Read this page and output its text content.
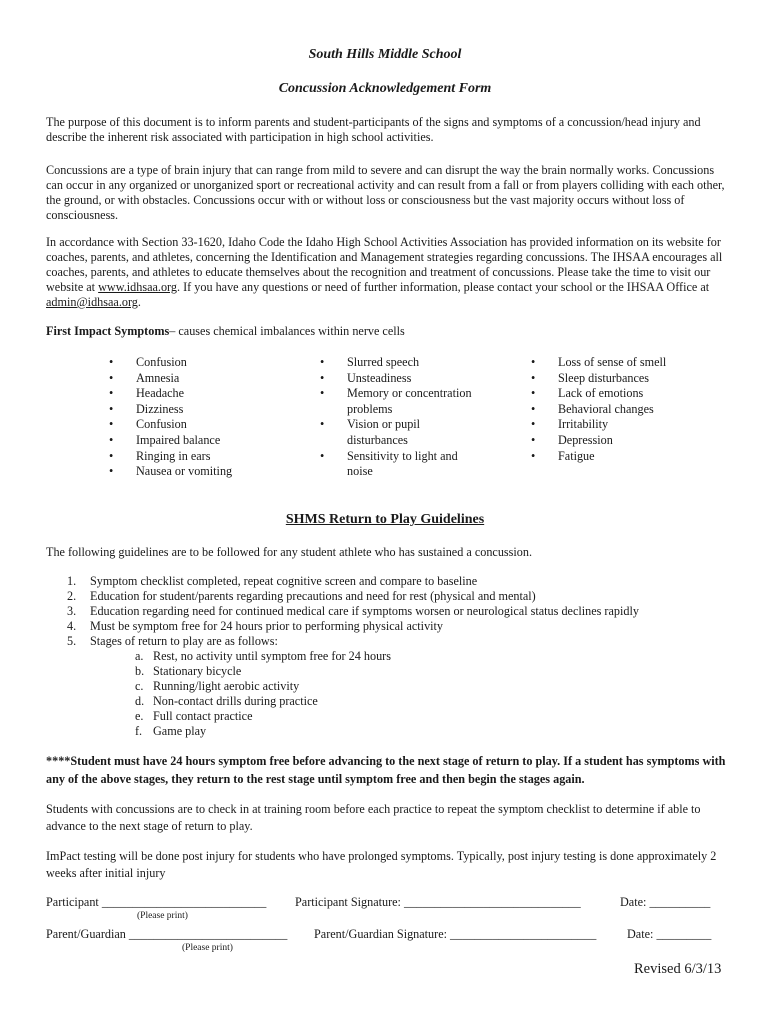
South Hills Middle School
Concussion Acknowledgement Form
The purpose of this document is to inform parents and student-participants of the signs and symptoms of a concussion/head injury and describe the inherent risk associated with participation in high school activities.
Concussions are a type of brain injury that can range from mild to severe and can disrupt the way the brain normally works. Concussions can occur in any organized or unorganized sport or recreational activity and can result from a fall or from players colliding with each other, the ground, or with obstacles. Concussions occur with or without loss or consciousness but the vast majority occurs without loss of consciousness.
In accordance with Section 33-1620, Idaho Code the Idaho High School Activities Association has provided information on its website for coaches, parents, and athletes, concerning the Identification and Management strategies regarding concussions. The IHSAA encourages all coaches, parents, and athletes to educate themselves about the recognition and treatment of concussions. Please take the time to visit our website at www.idhsaa.org. If you have any questions or need of further information, please contact your school or the IHSAA Office at admin@idhsaa.org.
First Impact Symptoms– causes chemical imbalances within nerve cells
• Confusion
• Amnesia
• Headache
• Dizziness
• Confusion
• Impaired balance
• Ringing in ears
• Nausea or vomiting
• Slurred speech
• Unsteadiness
• Memory or concentration problems
• Vision or pupil disturbances
• Sensitivity to light and noise
• Loss of sense of smell
• Sleep disturbances
• Lack of emotions
• Behavioral changes
• Irritability
• Depression
• Fatigue
SHMS Return to Play Guidelines
The following guidelines are to be followed for any student athlete who has sustained a concussion.
1. Symptom checklist completed, repeat cognitive screen and compare to baseline
2. Education for student/parents regarding precautions and need for rest (physical and mental)
3. Education regarding need for continued medical care if symptoms worsen or neurological status declines rapidly
4. Must be symptom free for 24 hours prior to performing physical activity
5. Stages of return to play are as follows:
a. Rest, no activity until symptom free for 24 hours
b. Stationary bicycle
c. Running/light aerobic activity
d. Non-contact drills during practice
e. Full contact practice
f. Game play
****Student must have 24 hours symptom free before advancing to the next stage of return to play. If a student has symptoms with any of the above stages, they return to the rest stage until symptom free and then begin the stages again.
Students with concussions are to check in at training room before each practice to repeat the symptom checklist to determine if able to advance to the next stage of return to play.
ImPact testing will be done post injury for students who have prolonged symptoms. Typically, post injury testing is done approximately 2 weeks after initial injury
Participant ___________________________ Participant Signature: _____________________________	Date: __________
(Please print)
Parent/Guardian __________________________ Parent/Guardian Signature: ________________________	Date: _________
(Please print)
Revised 6/3/13
